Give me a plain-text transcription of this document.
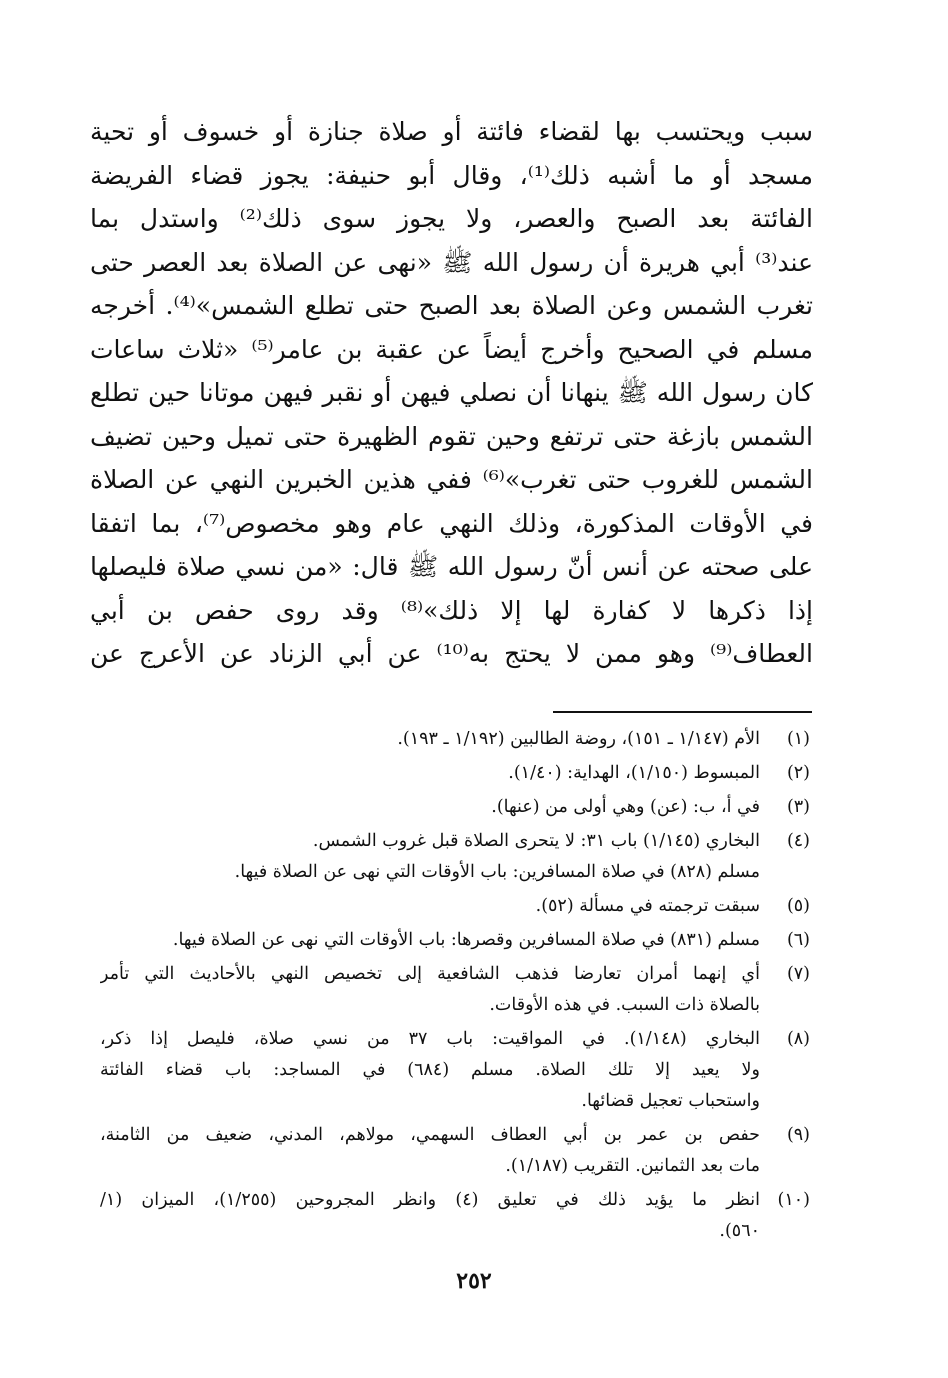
سبب ويحتسب بها لقضاء فائتة أو صلاة جنازة أو خسوف أو تحية
مسجد أو ما أشبه ذلك⁽¹⁾، وقال أبو حنيفة: يجوز قضاء الفريضة
الفائتة بعد الصبح والعصر، ولا يجوز سوى ذلك⁽²⁾ واستدل بما
عند⁽³⁾ أبي هريرة أن رسول الله ﷺ «نهى عن الصلاة بعد العصر حتى
تغرب الشمس وعن الصلاة بعد الصبح حتى تطلع الشمس»⁽⁴⁾. أخرجه
مسلم في الصحيح وأخرج أيضاً عن عقبة بن عامر⁽⁵⁾ «ثلاث ساعات
كان رسول الله ﷺ ينهانا أن نصلي فيهن أو نقبر فيهن موتانا حين تطلع
الشمس بازغة حتى ترتفع وحين تقوم الظهيرة حتى تميل وحين تضيف
الشمس للغروب حتى تغرب»⁽⁶⁾ ففي هذين الخبرين النهي عن الصلاة
في الأوقات المذكورة، وذلك النهي عام وهو مخصوص⁽⁷⁾، بما اتفقا
على صحته عن أنس أنّ رسول الله ﷺ قال: «من نسي صلاة فليصلها
إذا ذكرها لا كفارة لها إلا ذلك»⁽⁸⁾ وقد روى حفص بن أبي
العطاف⁽⁹⁾ وهو ممن لا يحتج به⁽¹⁰⁾ عن أبي الزناد عن الأعرج عن
(١)
الأم (١/١٤٧ ـ ١٥١)، روضة الطالبين (١/١٩٢ ـ ١٩٣).
(٢)
المبسوط (١/١٥٠)، الهداية: (١/٤٠).
(٣)
في أ، ب: (عن) وهي أولى من (عنها).
(٤)
البخاري (١/١٤٥) باب ٣١: لا يتحرى الصلاة قبل غروب الشمس.
مسلم (٨٢٨) في صلاة المسافرين: باب الأوقات التي نهى عن الصلاة فيها.
(٥)
سبقت ترجمته في مسألة (٥٢).
(٦)
مسلم (٨٣١) في صلاة المسافرين وقصرها: باب الأوقات التي نهى عن الصلاة فيها.
(٧)
أي إنهما أمران تعارضا فذهب الشافعية إلى تخصيص النهي بالأحاديث التي تأمر
بالصلاة ذات السبب. في هذه الأوقات.
(٨)
البخاري (١/١٤٨). في المواقيت: باب ٣٧ من نسي صلاة، فليصل إذا ذكر،
ولا يعيد إلا تلك الصلاة. مسلم (٦٨٤) في المساجد: باب قضاء الفائتة
واستحباب تعجيل قضائها.
(٩)
حفص بن عمر بن أبي العطاف السهمي، مولاهم، المدني، ضعيف من الثامنة،
مات بعد الثمانين. التقريب (١/١٨٧).
(١٠)
انظر ما يؤيد ذلك في تعليق (٤) وانظر المجروحين (١/٢٥٥)، الميزان (١/
٥٦٠).
٢٥٢
